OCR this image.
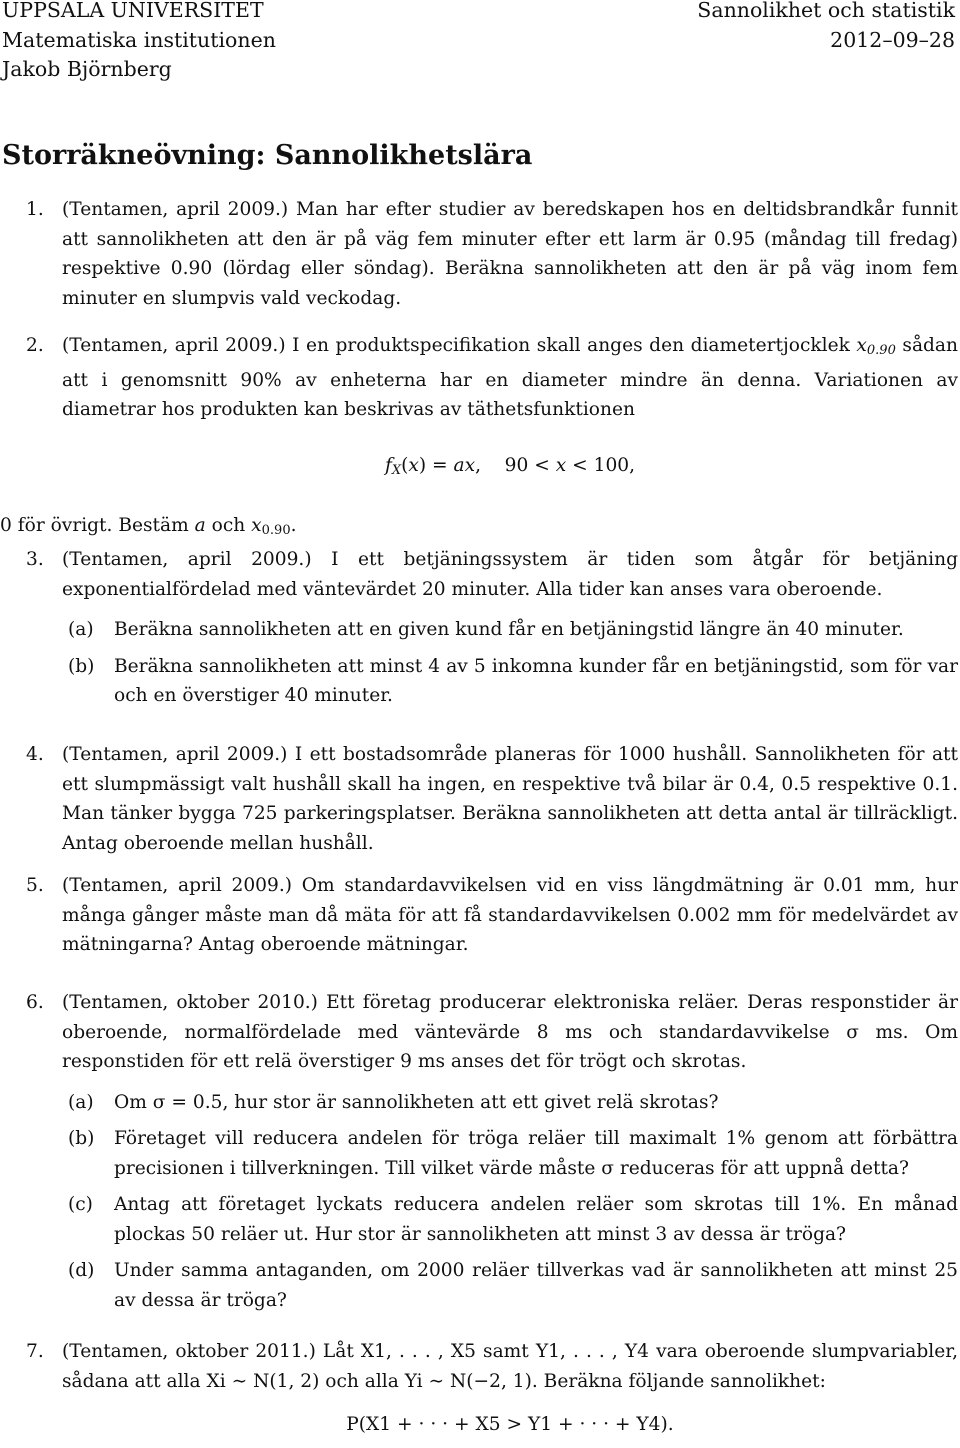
UPPSALA UNIVERSITET
Matematiska institutionen
Jakob Björnberg
Sannolikhet och statistik
2012–09–28
Storräkneövning: Sannolikhetslära
1. (Tentamen, april 2009.) Man har efter studier av beredskapen hos en deltidsbrandkår funnit att sannolikheten att den är på väg fem minuter efter ett larm är 0.95 (måndag till fredag) respektive 0.90 (lördag eller söndag). Beräkna sannolikheten att den är på väg inom fem minuter en slumpvis vald veckodag.

2. (Tentamen, april 2009.) I en produktspecifikation skall anges den diametertjocklek $x_{0.90}$ sådan att i genomsnitt 90% av enheterna har en diameter mindre än denna. Variationen av diametrar hos produkten kan beskrivas av täthetsfunktionen

$f_X(x)$ = ax,    90 < x < 100,
0 för övrigt. Bestäm a och $x_{0.90}$.
3. (Tentamen, april 2009.) I ett betjäningssystem är tiden som åtgår för betjäning exponentialfördelad med väntevärdet 20 minuter. Alla tider kan anses vara oberoende.

(a) Beräkna sannolikheten att en given kund får en betjäningstid längre än 40 minuter.
(b) Beräkna sannolikheten att minst 4 av 5 inkomna kunder får en betjäningstid, som för var och en överstiger 40 minuter.
4. (Tentamen, april 2009.) I ett bostadsområde planeras för 1000 hushåll. Sannolikheten för att ett slumpmässigt valt hushåll skall ha ingen, en respektive två bilar är 0.4, 0.5 respektive 0.1. Man tänker bygga 725 parkeringsplatser. Beräkna sannolikheten att detta antal är tillräckligt. Antag oberoende mellan hushåll.

5. (Tentamen, april 2009.) Om standardavvikelsen vid en viss längdmätning är 0.01 mm, hur många gånger måste man då mäta för att få standardavvikelsen 0.002 mm för medelvärdet av mätningarna? Antag oberoende mätningar.

6. (Tentamen, oktober 2010.) Ett företag producerar elektroniska reläer. Deras responstider är oberoende, normalfördelade med väntevärde 8 ms och standardavvikelse σ ms. Om responstiden för ett relä överstiger 9 ms anses det för trögt och skrotas.

(a) Om σ = 0.5, hur stor är sannolikheten att ett givet relä skrotas?
(b) Företaget vill reducera andelen för tröga reläer till maximalt 1% genom att förbättra precisionen i tillverkningen. Till vilket värde måste σ reduceras för att uppnå detta?
(c) Antag att företaget lyckats reducera andelen reläer som skrotas till 1%. En månad plockas 50 reläer ut. Hur stor är sannolikheten att minst 3 av dessa är tröga?
(d) Under samma antaganden, om 2000 reläer tillverkas vad är sannolikheten att minst 25 av dessa är tröga?
7. (Tentamen, oktober 2011.) Låt X1, . . . , X5 samt Y1, . . . , Y4 vara oberoende slumpvariabler, sådana att alla Xi ∼ N(1, 2) och alla Yi ∼ N(−2, 1). Beräkna följande sannolikhet:

P(X1 + · · · + X5 > Y1 + · · · + Y4).
